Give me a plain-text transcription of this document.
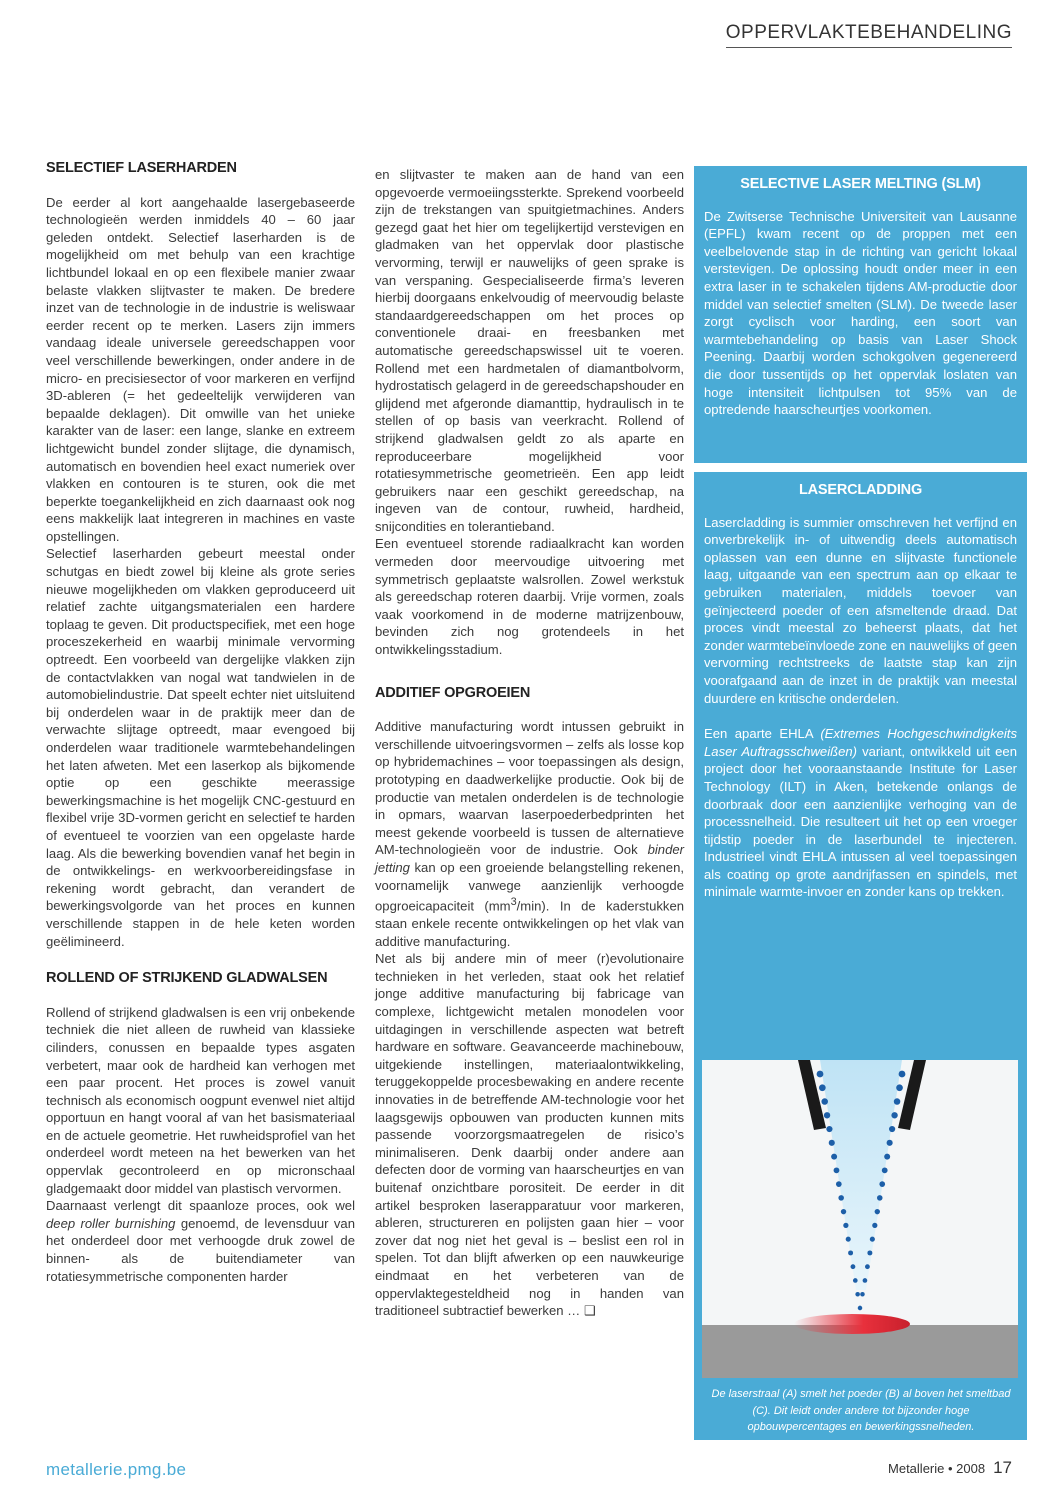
OPPERVLAKTEBEHANDELING
SELECTIEF LASERHARDEN

De eerder al kort aangehaalde lasergebaseerde technologieën werden inmiddels 40 – 60 jaar geleden ontdekt. Selectief laserharden is de mogelijkheid om met behulp van een krachtige lichtbundel lokaal en op een flexibele manier zwaar belaste vlakken slijtvaster te maken. De bredere inzet van de technologie in de industrie is weliswaar eerder recent op te merken. Lasers zijn immers vandaag ideale universele gereedschappen voor veel verschillende bewerkingen, onder andere in de micro- en precisiesector of voor markeren en verfijnd 3D-ableren (= het gedeeltelijk verwijderen van bepaalde deklagen). Dit omwille van het unieke karakter van de laser: een lange, slanke en extreem lichtgewicht bundel zonder slijtage, die dynamisch, automatisch en bovendien heel exact numeriek over vlakken en contouren is te sturen, ook die met beperkte toegankelijkheid en zich daarnaast ook nog eens makkelijk laat integreren in machines en vaste opstellingen.

Selectief laserharden gebeurt meestal onder schutgas en biedt zowel bij kleine als grote series nieuwe mogelijkheden om vlakken geproduceerd uit relatief zachte uitgangsmaterialen een hardere toplaag te geven. Dit productspecifiek, met een hoge proceszekerheid en waarbij minimale vervorming optreedt. Een voorbeeld van dergelijke vlakken zijn de contactvlakken van nogal wat tandwielen in de automobielindustrie. Dat speelt echter niet uitsluitend bij onderdelen waar in de praktijk meer dan de verwachte slijtage optreedt, maar evengoed bij onderdelen waar traditionele warmtebehandelingen het laten afweten. Met een laserkop als bijkomende optie op een geschikte meerassige bewerkingsmachine is het mogelijk CNC-gestuurd en flexibel vrije 3D-vormen gericht en selectief te harden of eventueel te voorzien van een opgelaste harde laag. Als die bewerking bovendien vanaf het begin in de ontwikkelings- en werkvoorbereidingsfase in rekening wordt gebracht, dan verandert de bewerkingsvolgorde van het proces en kunnen verschillende stappen in de hele keten worden geëlimineerd.

ROLLEND OF STRIJKEND GLADWALSEN

Rollend of strijkend gladwalsen is een vrij onbekende techniek die niet alleen de ruwheid van klassieke cilinders, conussen en bepaalde types asgaten verbetert, maar ook de hardheid kan verhogen met een paar procent. Het proces is zowel vanuit technisch als economisch oogpunt evenwel niet altijd opportuun en hangt vooral af van het basismateriaal en de actuele geometrie. Het ruwheidsprofiel van het onderdeel wordt meteen na het bewerken van het oppervlak gecontroleerd en op micronschaal gladgemaakt door middel van plastisch vervormen.

Daarnaast verlengt dit spaanloze proces, ook wel deep roller burnishing genoemd, de levensduur van het onderdeel door met verhoogde druk zowel de binnen- als de buitendiameter van rotatiesymmetrische componenten harder

en slijtvaster te maken aan de hand van een opgevoerde vermoeiingssterkte. Sprekend voorbeeld zijn de trekstangen van spuitgietmachines. Anders gezegd gaat het hier om tegelijkertijd verstevigen en gladmaken van het oppervlak door plastische vervorming, terwijl er nauwelijks of geen sprake is van verspaning. Gespecialiseerde firma’s leveren hierbij doorgaans enkelvoudig of meervoudig belaste standaardgereedschappen om het proces op conventionele draai- en freesbanken met automatische gereedschapswissel uit te voeren. Rollend met een hardmetalen of diamantbolvorm, hydrostatisch gelagerd in de gereedschapshouder en glijdend met afgeronde diamanttip, hydraulisch in te stellen of op basis van veerkracht. Rollend of strijkend gladwalsen geldt zo als aparte en reproduceerbare mogelijkheid voor rotatiesymmetrische geometrieën. Een app leidt gebruikers naar een geschikt gereedschap, na ingeven van de contour, ruwheid, hardheid, snijcondities en tolerantieband.

Een eventueel storende radiaalkracht kan worden vermeden door meervoudige uitvoering met symmetrisch geplaatste walsrollen. Zowel werkstuk als gereedschap roteren daarbij. Vrije vormen, zoals vaak voorkomend in de moderne matrijzenbouw, bevinden zich nog grotendeels in het ontwikkelingsstadium.

ADDITIEF OPGROEIEN

Additive manufacturing wordt intussen gebruikt in verschillende uitvoeringsvormen – zelfs als losse kop op hybridemachines – voor toepassingen als design, prototyping en daadwerkelijke productie. Ook bij de productie van metalen onderdelen is de technologie in opmars, waarvan laserpoederbedprinten het meest gekende voorbeeld is tussen de alternatieve AM-technologieën voor de industrie. Ook binder jetting kan op een groeiende belangstelling rekenen, voornamelijk vanwege aanzienlijk verhoogde opgroeicapaciteit $(mm^3/\min)$. In de kaderstukken staan enkele recente ontwikkelingen op het vlak van additive manufacturing.

Net als bij andere min of meer (r)evolutionaire technieken in het verleden, staat ook het relatief jonge additive manufacturing bij fabricage van complexe, lichtgewicht metalen monodelen voor uitdagingen in verschillende aspecten wat betreft hardware en software. Geavanceerde machinebouw, uitgekiende instellingen, materiaalontwikkeling, teruggekoppelde procesbewaking en andere recente innovaties in de betreffende AM-technologie voor het laagsgewijs opbouwen van producten kunnen mits passende voorzorgsmaatregelen de risico’s minimaliseren. Denk daarbij onder andere aan defecten door de vorming van haarscheurtjes en van buitenaf onzichtbare porositeit. De eerder in dit artikel besproken laserapparatuur voor markeren, ableren, structureren en polijsten gaan hier – voor zover dat nog niet het geval is – beslist een rol in spelen. Tot dan blijft afwerken op een nauwkeurige eindmaat en het verbeteren van de oppervlaktegesteldheid nog in handen van traditioneel subtractief bewerken … ❑

SELECTIVE LASER MELTING (SLM)

De Zwitserse Technische Universiteit van Lausanne (EPFL) kwam recent op de proppen met een veelbelovende stap in de richting van gericht lokaal verstevigen. De oplossing houdt onder meer in een extra laser in te schakelen tijdens AM-productie door middel van selectief smelten (SLM). De tweede laser zorgt cyclisch voor harding, een soort van warmtebehandeling op basis van Laser Shock Peening. Daarbij worden schokgolven gegenereerd die door tussentijds op het oppervlak loslaten van hoge intensiteit lichtpulsen tot 95% van de optredende haarscheurtjes voorkomen.

LASERCLADDING

Lasercladding is summier omschreven het verfijnd en onverbrekelijk in- of uitwendig deels automatisch oplassen van een dunne en slijtvaste functionele laag, uitgaande van een spectrum aan op elkaar te gebruiken materialen, middels toevoer van geïnjecteerd poeder of een afsmeltende draad. Dat proces vindt meestal zo beheerst plaats, dat het zonder warmtebeïnvloede zone en nauwelijks of geen vervorming rechtstreeks de laatste stap kan zijn voorafgaand aan de inzet in de praktijk van meestal duurdere en kritische onderdelen.

Een aparte EHLA (Extremes Hochgeschwindigkeits Laser Auftragsschweißen) variant, ontwikkeld uit een project door het vooraanstaande Institute for Laser Technology (ILT) in Aken, betekende onlangs de doorbraak door een aanzienlijke verhoging van de processnelheid. Die resulteert uit het op een vroeger tijdstip poeder in de laserbundel te injecteren. Industrieel vindt EHLA intussen al veel toepassingen als coating op grote aandrijfassen en spindels, met minimale warmte-invoer en zonder kans op trekken.

De laserstraal (A) smelt het poeder (B) al boven het smeltbad (C). Dit leidt onder andere tot bijzonder hoge opbouwpercentages en bewerkingssnelheden.
metallerie.pmg.be	Metallerie • 2008 17
